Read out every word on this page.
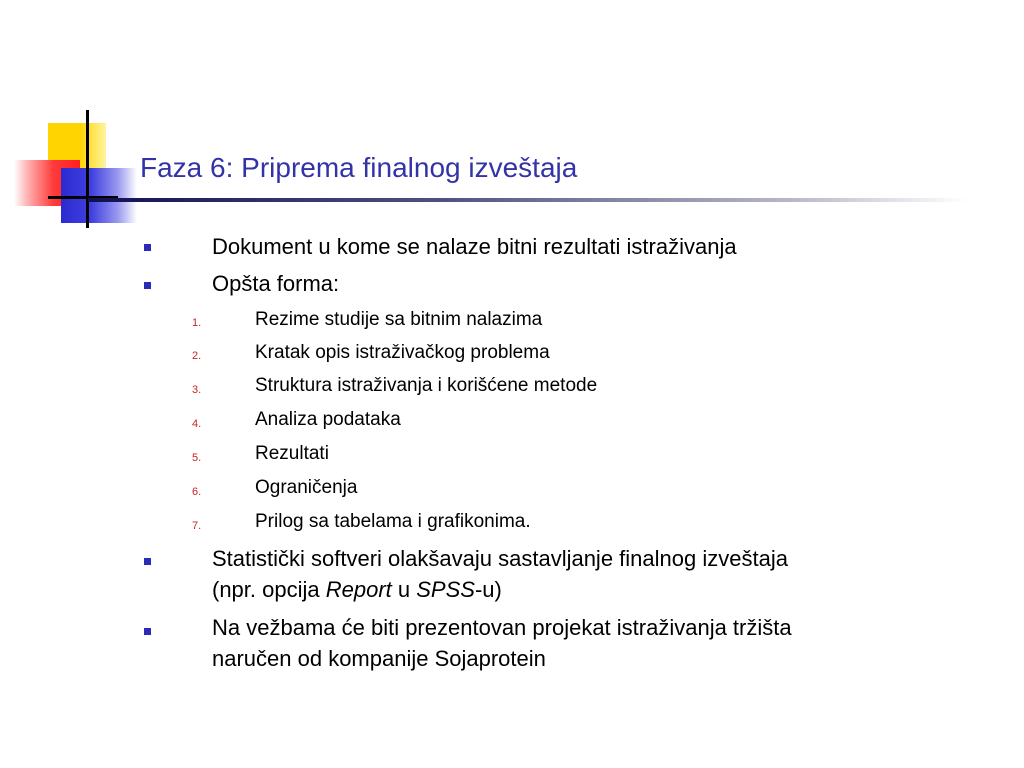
Faza 6: Priprema finalnog izveštaja
Dokument u kome se nalaze bitni rezultati istraživanja
Opšta forma:
1.	Rezime studije sa bitnim nalazima
2.	Kratak opis istraživačkog problema
3.	Struktura istraživanja i korišćene metode
4.	Analiza podataka
5.	Rezultati
6.	Ograničenja
7.	Prilog sa tabelama i grafikonima.
Statistički softveri olakšavaju sastavljanje finalnog izveštaja
(npr. opcija Report u SPSS-u)
Na vežbama će biti prezentovan projekat istraživanja tržišta
naručen od kompanije Sojaprotein
